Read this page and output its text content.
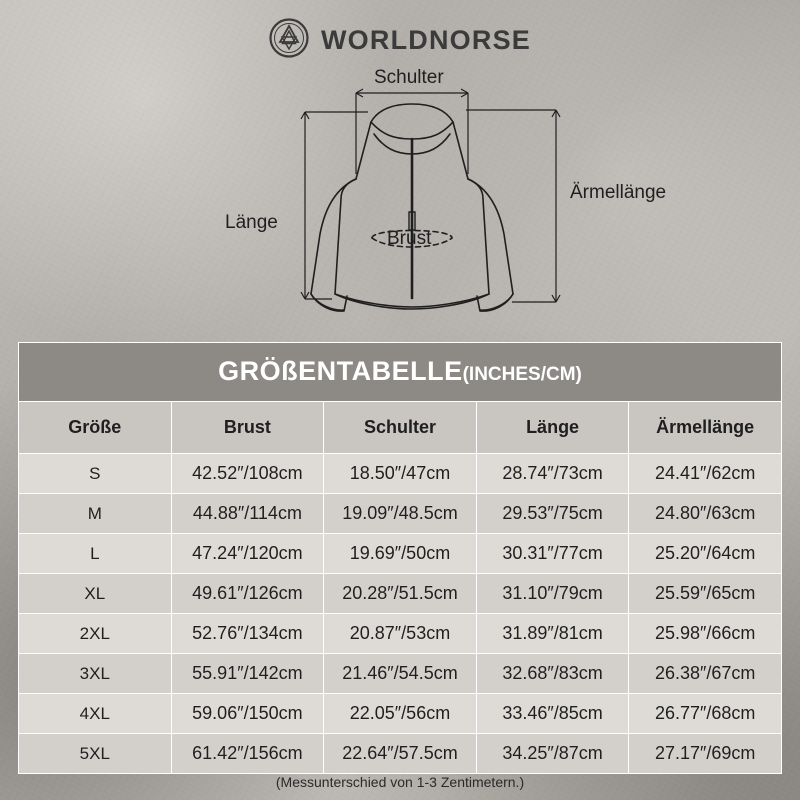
WORLDNORSE
Schulter
Länge
Brust
Ärmellänge
GRÖßENTABELLE(INCHES/CM)				
Größe	Brust	Schulter	Länge	Ärmellänge
S	42.52″/108cm	18.50″/47cm	28.74″/73cm	24.41″/62cm
M	44.88″/114cm	19.09″/48.5cm	29.53″/75cm	24.80″/63cm
L	47.24″/120cm	19.69″/50cm	30.31″/77cm	25.20″/64cm
XL	49.61″/126cm	20.28″/51.5cm	31.10″/79cm	25.59″/65cm
2XL	52.76″/134cm	20.87″/53cm	31.89″/81cm	25.98″/66cm
3XL	55.91″/142cm	21.46″/54.5cm	32.68″/83cm	26.38″/67cm
4XL	59.06″/150cm	22.05″/56cm	33.46″/85cm	26.77″/68cm
5XL	61.42″/156cm	22.64″/57.5cm	34.25″/87cm	27.17″/69cm
(Messunterschied von 1-3 Zentimetern.)
